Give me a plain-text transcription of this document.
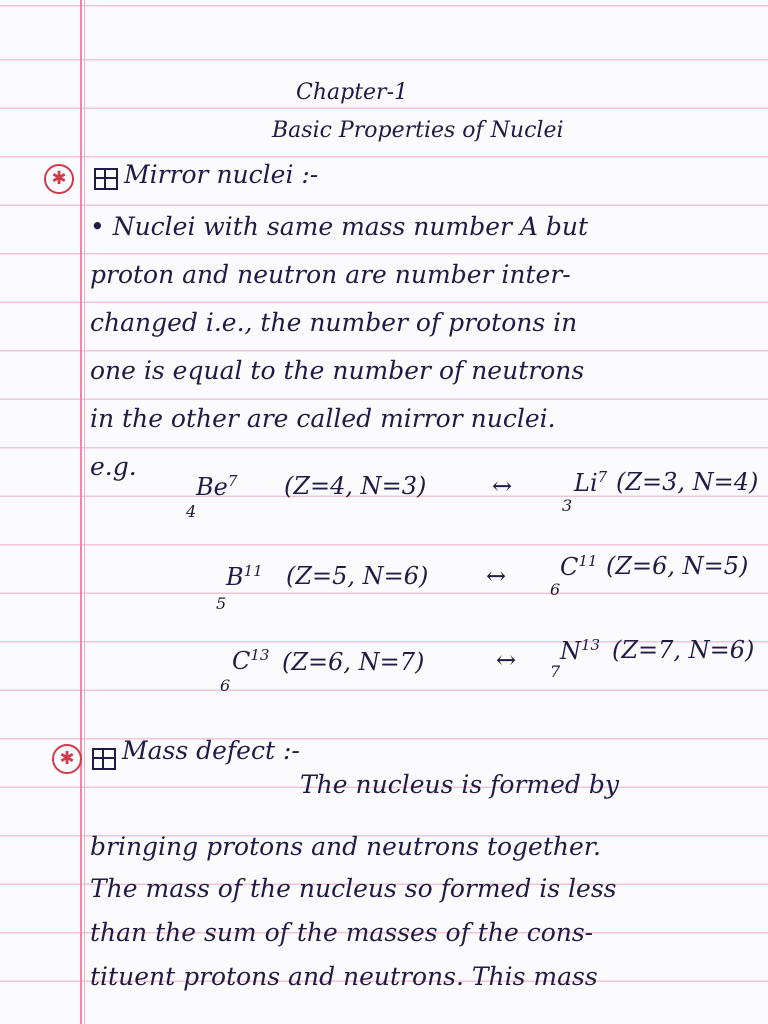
Chapter-1
Basic Properties of Nuclei
✱ Mirror nuclei :-
• Nuclei with same mass number A but
proton and neutron are number inter-
changed i.e., the number of protons in
one is equal to the number of neutrons
in the other are called mirror nuclei.
e.g.
Be$^7$
4
(Z=4, N=3)	↔	Li$^7$
3
(Z=3, N=4)
$B^{11}$
5
(Z=5, N=6) ↔ $C^{11}$
6
(Z=6, N=5)
$C^{13}$
6
(Z=6, N=7)	↔ $N^{13}$
7
(Z=7, N=6)
✱ Mass defect :-
The nucleus is formed by
bringing protons and neutrons together.
The mass of the nucleus so formed is less
than the sum of the masses of the cons-
tituent protons and neutrons. This mass
